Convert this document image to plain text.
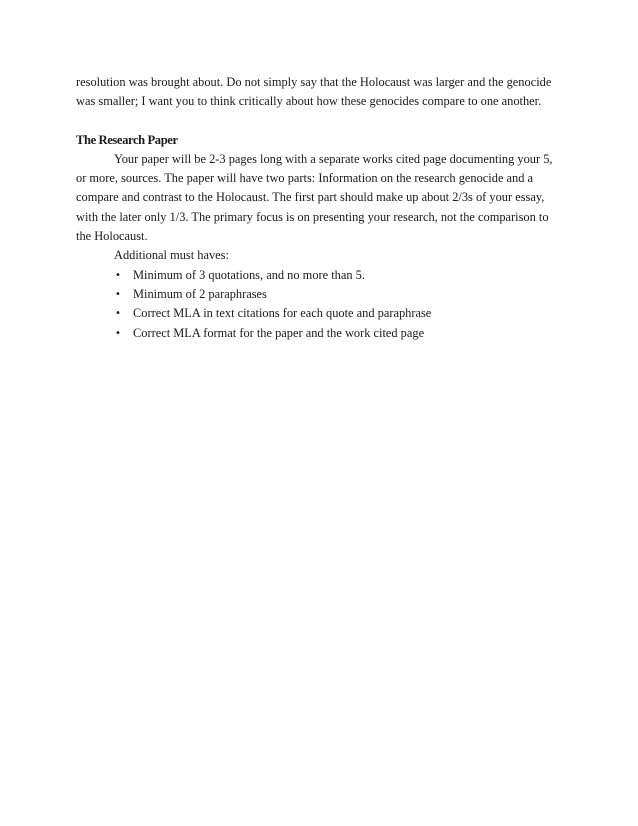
resolution was brought about. Do not simply say that the Holocaust was larger and the genocide was smaller; I want you to think critically about how these genocides compare to one another.

The Research Paper

Your paper will be 2-3 pages long with a separate works cited page documenting your 5, or more, sources. The paper will have two parts: Information on the research genocide and a compare and contrast to the Holocaust. The first part should make up about 2/3s of your essay, with the later only 1/3. The primary focus is on presenting your research, not the comparison to the Holocaust.

Additional must haves:

• Minimum of 3 quotations, and no more than 5.
• Minimum of 2 paraphrases
• Correct MLA in text citations for each quote and paraphrase
• Correct MLA format for the paper and the work cited page
